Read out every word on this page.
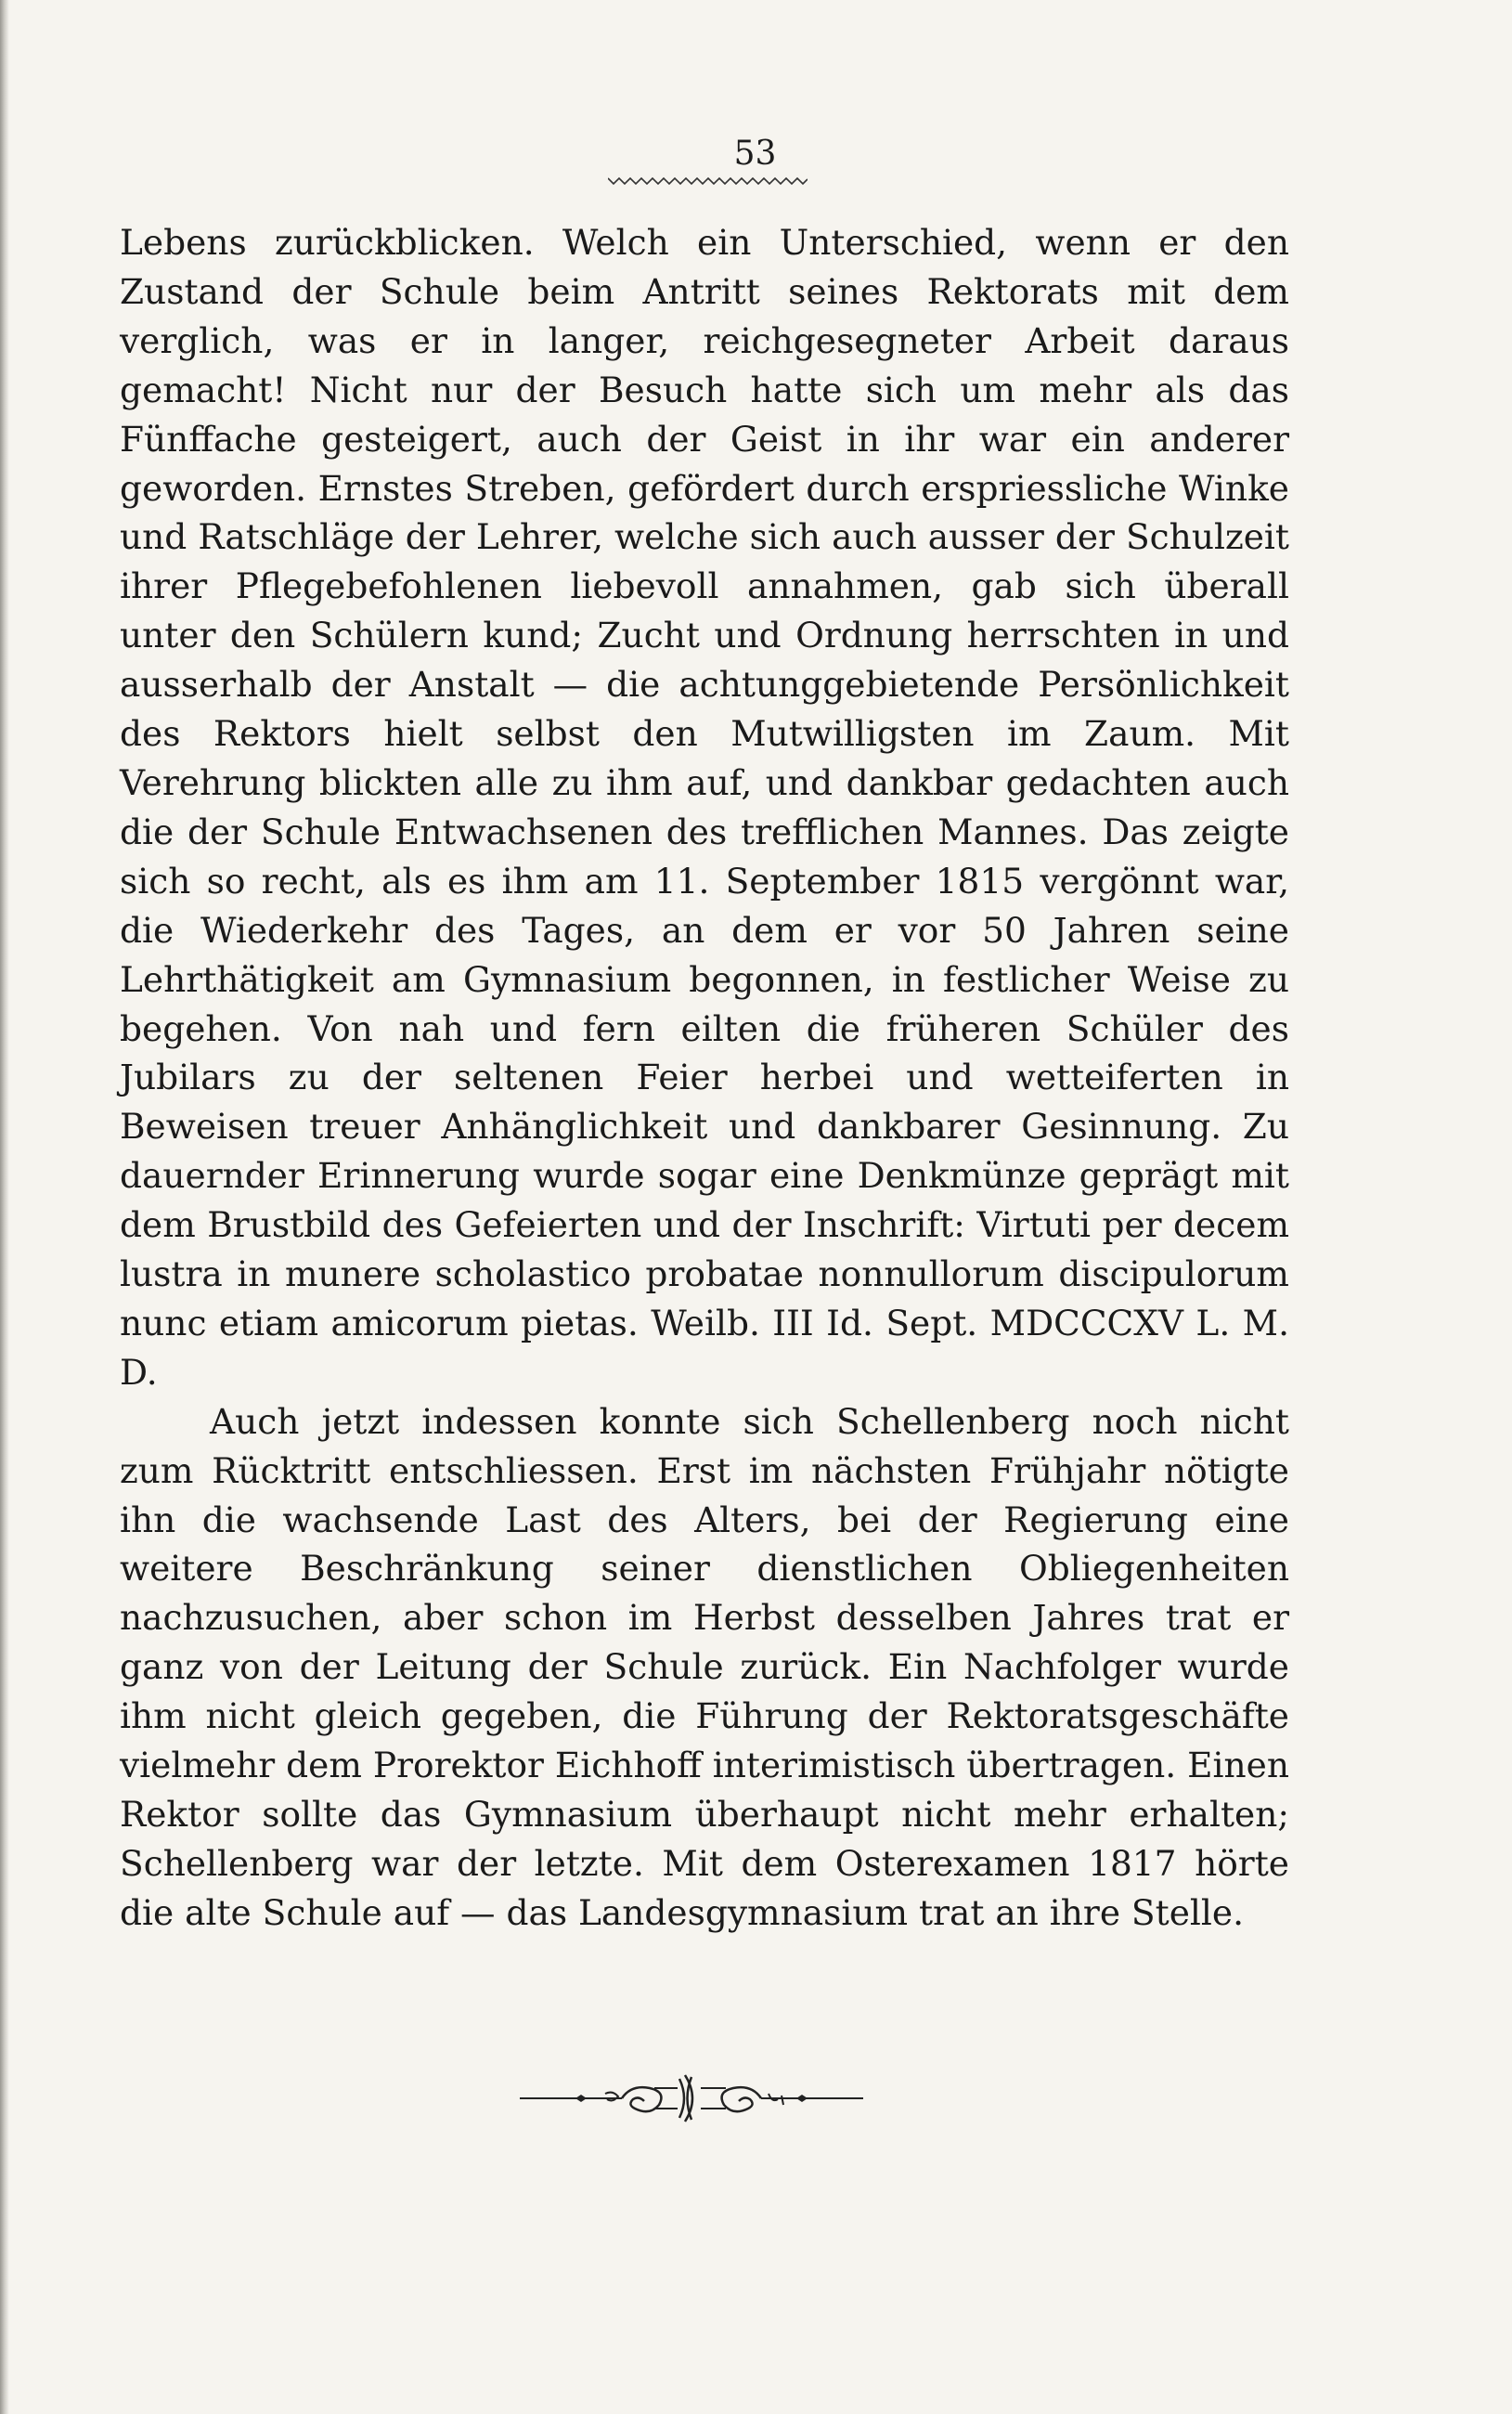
53

Lebens zurückblicken. Welch ein Unterschied, wenn er den Zustand der Schule beim Antritt seines Rektorats mit dem verglich, was er in langer, reichgesegneter Arbeit daraus gemacht! Nicht nur der Besuch hatte sich um mehr als das Fünffache gesteigert, auch der Geist in ihr war ein anderer geworden. Ernstes Streben, gefördert durch erspriessliche Winke und Ratschläge der Lehrer, welche sich auch ausser der Schulzeit ihrer Pflegebefohlenen liebevoll annahmen, gab sich überall unter den Schülern kund; Zucht und Ordnung herrschten in und ausserhalb der Anstalt — die achtunggebietende Persönlichkeit des Rektors hielt selbst den Mutwilligsten im Zaum. Mit Verehrung blickten alle zu ihm auf, und dankbar gedachten auch die der Schule Entwachsenen des trefflichen Mannes. Das zeigte sich so recht, als es ihm am 11. September 1815 vergönnt war, die Wiederkehr des Tages, an dem er vor 50 Jahren seine Lehrthätigkeit am Gymnasium begonnen, in festlicher Weise zu begehen. Von nah und fern eilten die früheren Schüler des Jubilars zu der seltenen Feier herbei und wetteiferten in Beweisen treuer Anhänglichkeit und dankbarer Gesinnung. Zu dauernder Erinnerung wurde sogar eine Denkmünze geprägt mit dem Brustbild des Gefeierten und der Inschrift: Virtuti per decem lustra in munere scholastico probatae nonnullorum discipulorum nunc etiam amicorum pietas. Weilb. III Id. Sept. MDCCCXV L. M. D.

Auch jetzt indessen konnte sich Schellenberg noch nicht zum Rücktritt entschliessen. Erst im nächsten Frühjahr nötigte ihn die wachsende Last des Alters, bei der Regierung eine weitere Beschränkung seiner dienstlichen Obliegenheiten nachzusuchen, aber schon im Herbst desselben Jahres trat er ganz von der Leitung der Schule zurück. Ein Nachfolger wurde ihm nicht gleich gegeben, die Führung der Rektoratsgeschäfte vielmehr dem Prorektor Eichhoff interimistisch übertragen. Einen Rektor sollte das Gymnasium überhaupt nicht mehr erhalten; Schellenberg war der letzte. Mit dem Osterexamen 1817 hörte die alte Schule auf — das Landesgymnasium trat an ihre Stelle.
